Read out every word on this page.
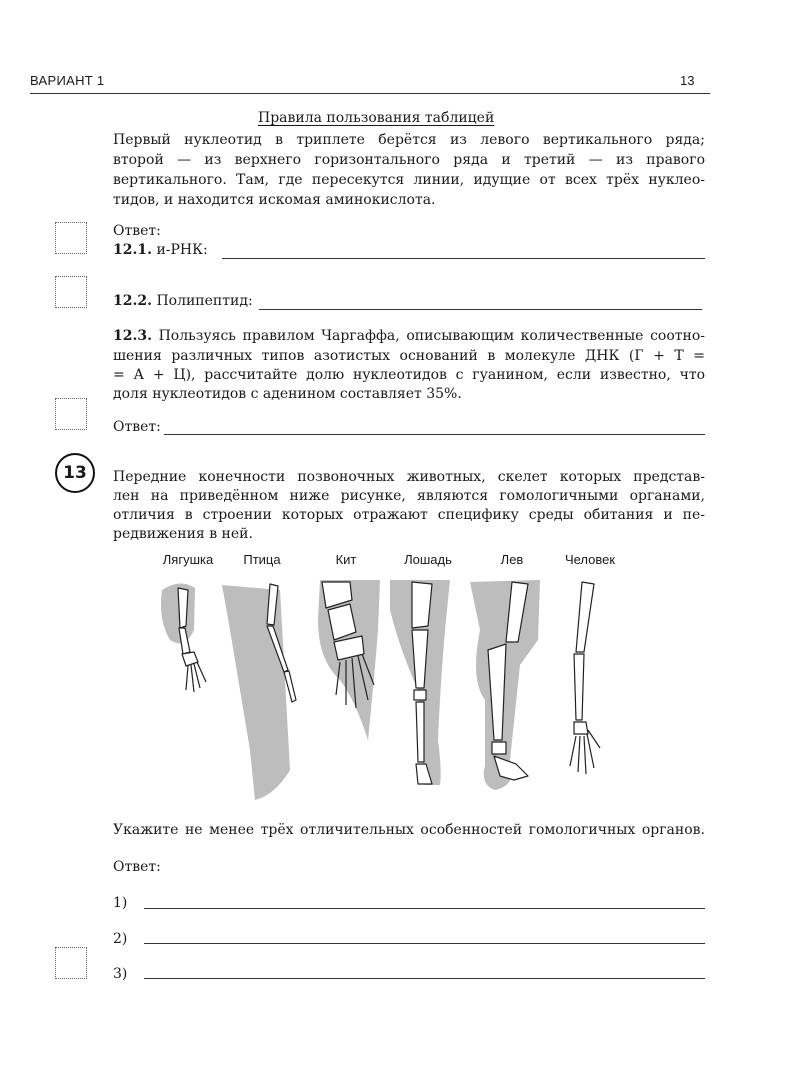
ВАРИАНТ 1	13
Правила пользования таблицей
Первый нуклеотид в триплете берётся из левого вертикального ряда;
второй — из верхнего горизонтального ряда и третий — из правого
вертикального. Там, где пересекутся линии, идущие от всех трёх нуклео-
тидов, и находится искомая аминокислота.
Ответ:
12.1. и-РНК:
12.2. Полипептид:
12.3. Пользуясь правилом Чаргаффа, описывающим количественные соотно-
шения различных типов азотистых оснований в молекуле ДНК (Г + Т =
= А + Ц), рассчитайте долю нуклеотидов с гуанином, если известно, что
доля нуклеотидов с аденином составляет 35%.
Ответ:
13	Передние конечности позвоночных животных, скелет которых представ-
лен на приведённом ниже рисунке, являются гомологичными органами,
отличия в строении которых отражают специфику среды обитания и пе-
редвижения в ней.
Лягушка	Птица	Кит	Лошадь	Лев	Человек
Укажите не менее трёх отличительных особенностей гомологичных органов.
Ответ:
1)
2)
3)
